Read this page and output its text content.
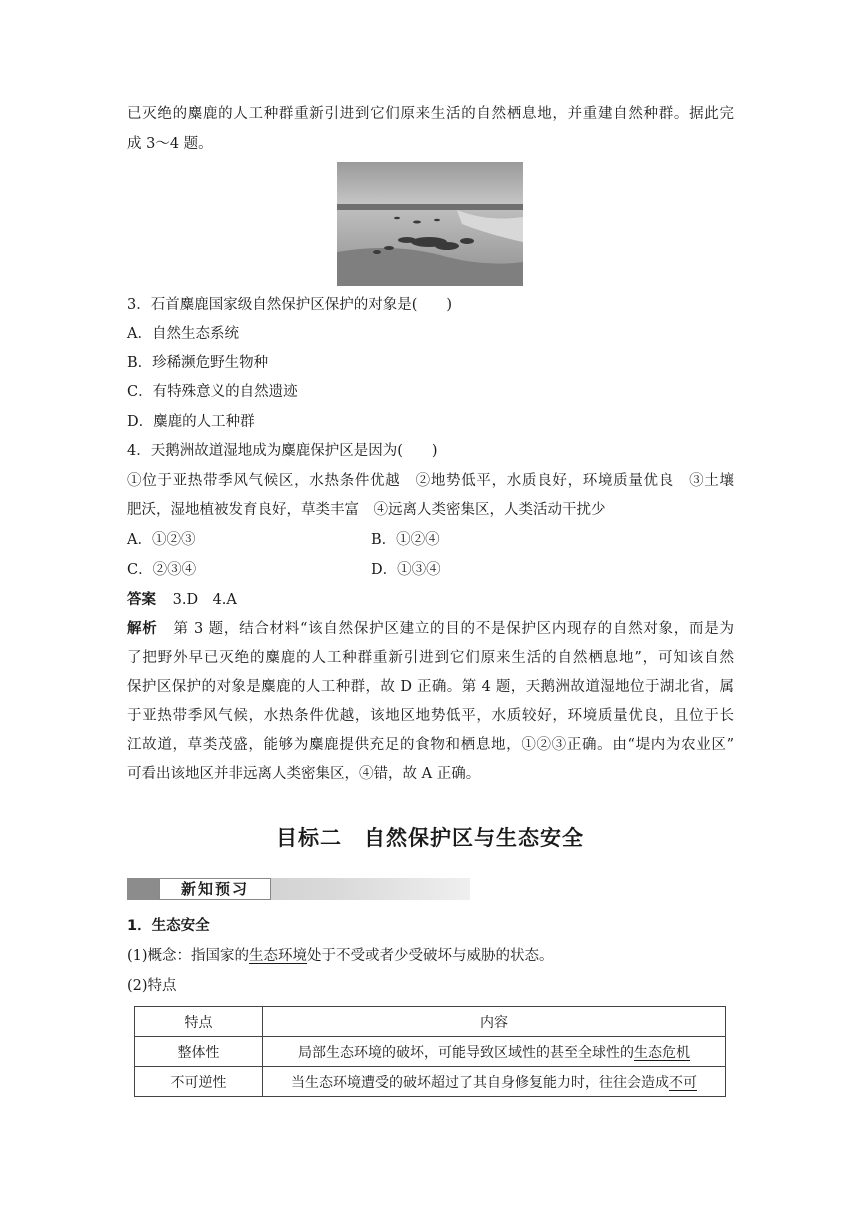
已灭绝的麋鹿的人工种群重新引进到它们原来生活的自然栖息地，并重建自然种群。据此完
成 3～4 题。
3．石首麋鹿国家级自然保护区保护的对象是(　　)
A．自然生态系统
B．珍稀濒危野生物种
C．有特殊意义的自然遗迹
D．麋鹿的人工种群
4．天鹅洲故道湿地成为麋鹿保护区是因为(　　)
①位于亚热带季风气候区，水热条件优越　②地势低平，水质良好，环境质量优良　③土壤
肥沃，湿地植被发育良好，草类丰富　④远离人类密集区，人类活动干扰少
A．①②③	B．①②④
C．②③④	D．①③④
答案 3.D　4.A
解析 第 3 题，结合材料“该自然保护区建立的目的不是保护区内现存的自然对象，而是为
了把野外早已灭绝的麋鹿的人工种群重新引进到它们原来生活的自然栖息地”，可知该自然
保护区保护的对象是麋鹿的人工种群，故 D 正确。第 4 题，天鹅洲故道湿地位于湖北省，属
于亚热带季风气候，水热条件优越，该地区地势低平，水质较好，环境质量优良，且位于长
江故道，草类茂盛，能够为麋鹿提供充足的食物和栖息地，①②③正确。由“堤内为农业区”
可看出该地区并非远离人类密集区，④错，故 A 正确。
目标二　自然保护区与生态安全
新知预习
1．生态安全
(1)概念：指国家的生态环境处于不受或者少受破坏与威胁的状态。
(2)特点
特点	内容
整体性	局部生态环境的破坏，可能导致区域性的甚至全球性的生态危机
不可逆性	当生态环境遭受的破坏超过了其自身修复能力时，往往会造成不可
